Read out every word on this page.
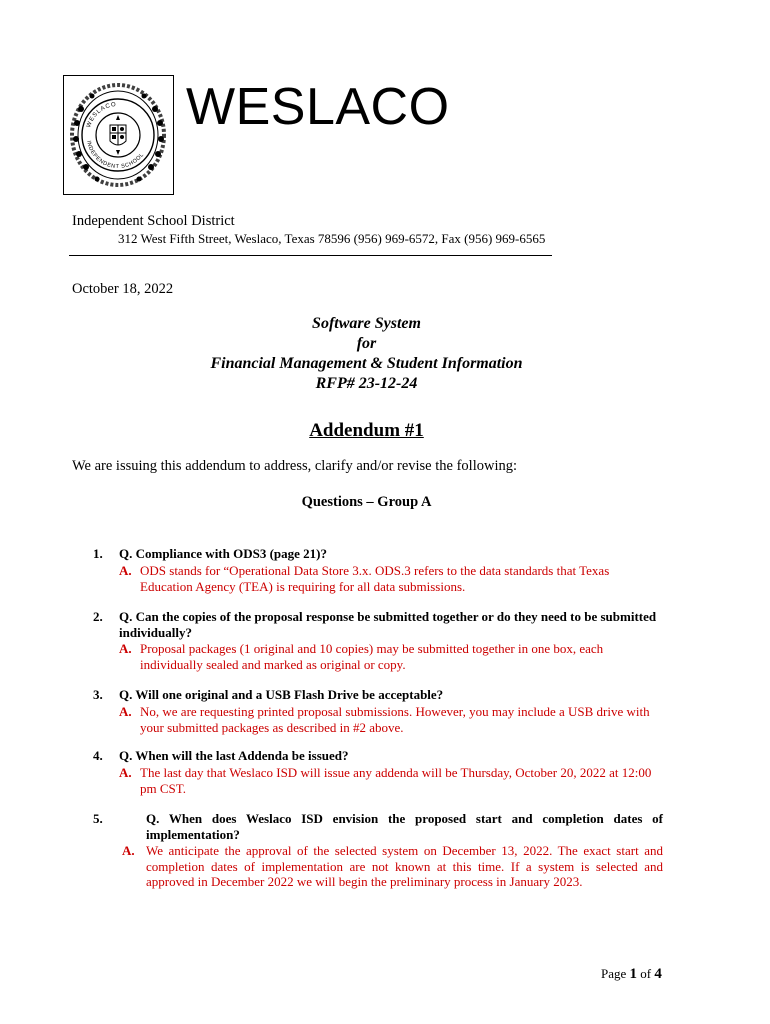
WESLACO
INDEPENDENT SCHOOL
WESLACO
Independent School District
312 West Fifth Street, Weslaco, Texas 78596 (956) 969-6572, Fax (956) 969-6565
October 18, 2022
Software System
for
Financial Management & Student Information
RFP# 23-12-24
Addendum #1
We are issuing this addendum to address, clarify and/or revise the following:
Questions – Group A
1. Q. Compliance with ODS3 (page 21)?
A. ODS stands for “Operational Data Store 3.x. ODS.3 refers to the data standards that Texas Education Agency (TEA) is requiring for all data submissions.
2. Q. Can the copies of the proposal response be submitted together or do they need to be submitted individually?
A. Proposal packages (1 original and 10 copies) may be submitted together in one box, each individually sealed and marked as original or copy.
3. Q. Will one original and a USB Flash Drive be acceptable?
A. No, we are requesting printed proposal submissions. However, you may include a USB drive with your submitted packages as described in #2 above.
4. Q. When will the last Addenda be issued?
A. The last day that Weslaco ISD will issue any addenda will be Thursday, October 20, 2022 at 12:00 pm CST.
5.	Q. When does Weslaco ISD envision the proposed start and completion dates of implementation?
A. We anticipate the approval of the selected system on December 13, 2022. The exact start and completion dates of implementation are not known at this time. If a system is selected and approved in December 2022 we will begin the preliminary process in January 2023.
Page 1 of 4
